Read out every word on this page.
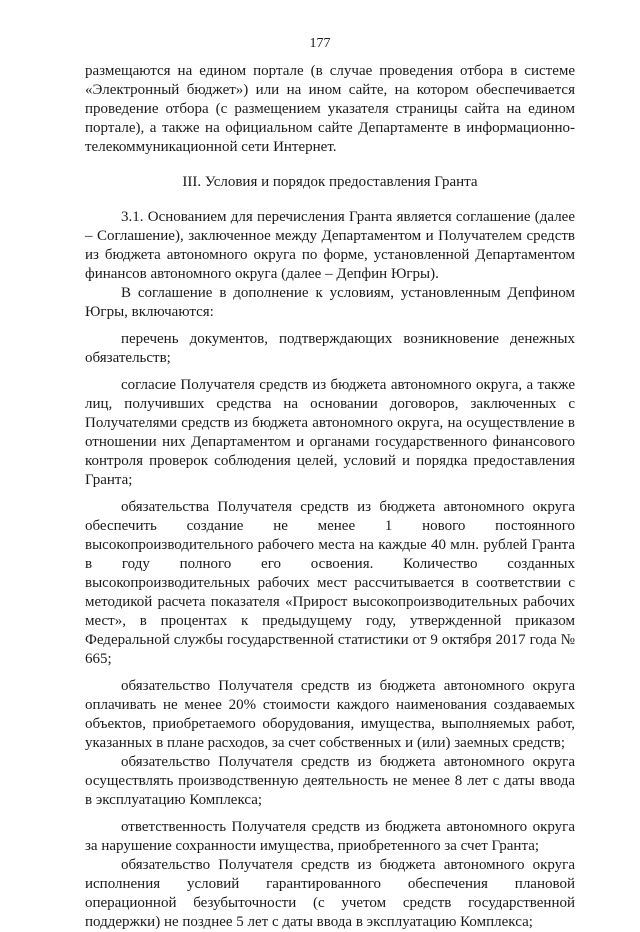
177

размещаются на едином портале (в случае проведения отбора в системе «Электронный бюджет») или на ином сайте, на котором обеспечивается проведение отбора (с размещением указателя страницы сайта на едином портале), а также на официальном сайте Департаменте в информационно-телекоммуникационной сети Интернет.

III. Условия и порядок предоставления Гранта

3.1. Основанием для перечисления Гранта является соглашение (далее – Соглашение), заключенное между Департаментом и Получателем средств из бюджета автономного округа по форме, установленной Департаментом финансов автономного округа (далее – Депфин Югры).

В соглашение в дополнение к условиям, установленным Депфином Югры, включаются:

перечень документов, подтверждающих возникновение денежных обязательств;

согласие Получателя средств из бюджета автономного округа, а также лиц, получивших средства на основании договоров, заключенных с Получателями средств из бюджета автономного округа, на осуществление в отношении них Департаментом и органами государственного финансового контроля проверок соблюдения целей, условий и порядка предоставления Гранта;

обязательства Получателя средств из бюджета автономного округа обеспечить создание не менее 1 нового постоянного высокопроизводительного рабочего места на каждые 40 млн. рублей Гранта в году полного его освоения. Количество созданных высокопроизводительных рабочих мест рассчитывается в соответствии с методикой расчета показателя «Прирост высокопроизводительных рабочих мест», в процентах к предыдущему году, утвержденной приказом Федеральной службы государственной статистики от 9 октября 2017 года № 665;

обязательство Получателя средств из бюджета автономного округа оплачивать не менее 20% стоимости каждого наименования создаваемых объектов, приобретаемого оборудования, имущества, выполняемых работ, указанных в плане расходов, за счет собственных и (или) заемных средств;

обязательство Получателя средств из бюджета автономного округа осуществлять производственную деятельность не менее 8 лет с даты ввода в эксплуатацию Комплекса;

ответственность Получателя средств из бюджета автономного округа за нарушение сохранности имущества, приобретенного за счет Гранта;

обязательство Получателя средств из бюджета автономного округа исполнения условий гарантированного обеспечения плановой операционной безубыточности (с учетом средств государственной поддержки) не позднее 5 лет с даты ввода в эксплуатацию Комплекса;
